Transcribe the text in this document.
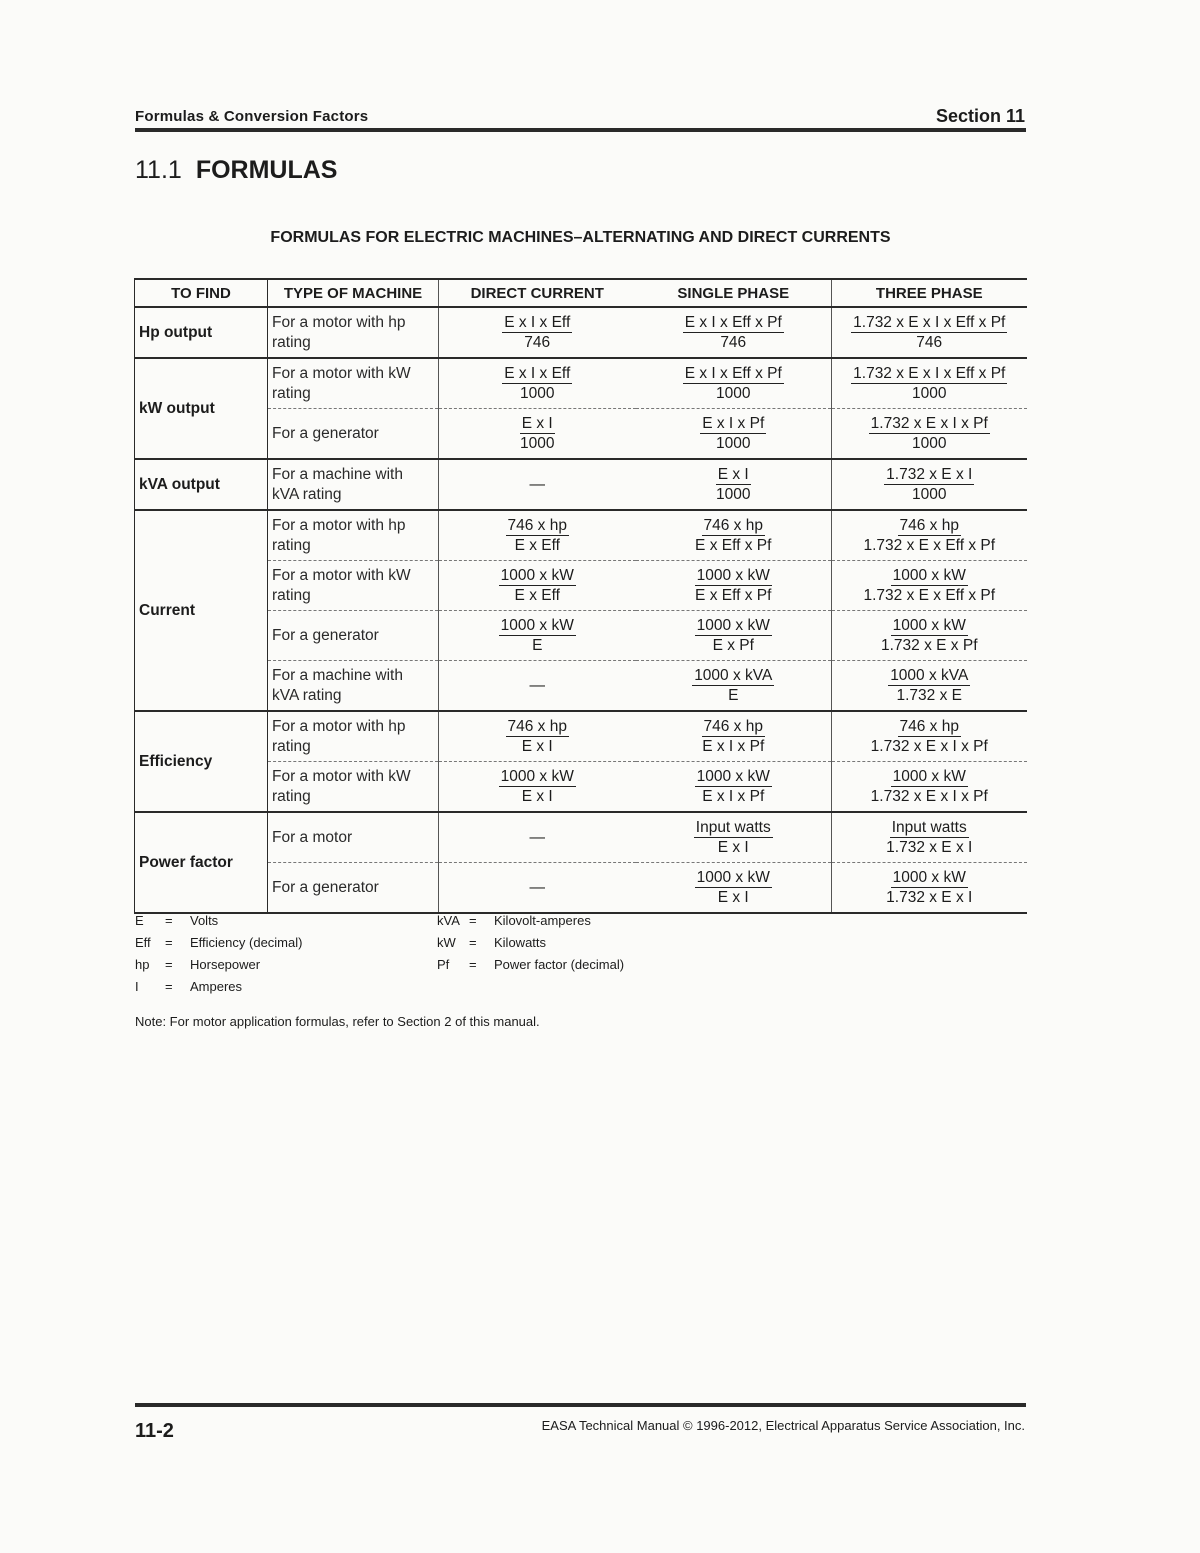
Formulas & Conversion Factors	Section 11
11.1 FORMULAS
FORMULAS FOR ELECTRIC MACHINES–ALTERNATING AND DIRECT CURRENTS
TO FIND	TYPE OF MACHINE	DIRECT CURRENT	SINGLE PHASE	THREE PHASE
Hp output	For a motor with hp rating	$\frac{\text{E x I x Eff}}{746}$	$\frac{\text{E x I x Eff x Pf}}{746}$	$\frac{\text{1.732 x E x I x Eff x Pf}}{746}$

kW output	For a motor with kW rating	$\frac{\text{E x I x Eff}}{1000}$	$\frac{\text{E x I x Eff x Pf}}{1000}$	$\frac{\text{1.732 x E x I x Eff x Pf}}{1000}$

	For a generator	$\frac{\text{E x I}}{1000}$	$\frac{\text{E x I x Pf}}{1000}$	$\frac{\text{1.732 x E x I x Pf}}{1000}$

kVA output	For a machine with kVA rating	—	$\frac{\text{E x I}}{1000}$	$\frac{\text{1.732 x E x I}}{1000}$

Current	For a motor with hp rating	$\frac{\text{746 x hp}}{\text{E x Eff}}$	$\frac{\text{746 x hp}}{\text{E x Eff x Pf}}$	$\frac{\text{746 x hp}}{\text{1.732 x E x Eff x Pf}}$

	For a motor with kW rating	$\frac{\text{1000 x kW}}{\text{E x Eff}}$	$\frac{\text{1000 x kW}}{\text{E x Eff x Pf}}$	$\frac{\text{1000 x kW}}{\text{1.732 x E x Eff x Pf}}$

	For a generator	$\frac{\text{1000 x kW}}{E}$	$\frac{\text{1000 x kW}}{\text{E x Pf}}$	$\frac{\text{1000 x kW}}{\text{1.732 x E x Pf}}$

	For a machine with kVA rating	—	$\frac{\text{1000 x kVA}}{E}$	$\frac{\text{1000 x kVA}}{\text{1.732 x E}}$

Efficiency	For a motor with hp rating	$\frac{\text{746 x hp}}{\text{E x I}}$	$\frac{\text{746 x hp}}{\text{E x I x Pf}}$	$\frac{\text{746 x hp}}{\text{1.732 x E x I x Pf}}$

	For a motor with kW rating	$\frac{\text{1000 x kW}}{\text{E x I}}$	$\frac{\text{1000 x kW}}{\text{E x I x Pf}}$	$\frac{\text{1000 x kW}}{\text{1.732 x E x I x Pf}}$

Power factor	For a motor	—	$\frac{\text{Input watts}}{\text{E x I}}$	$\frac{\text{Input watts}}{\text{1.732 x E x I}}$

	For a generator	—	$\frac{\text{1000 x kW}}{\text{E x I}}$	$\frac{\text{1000 x kW}}{\text{1.732 x E x I}}$
E	=	Volts
Eff	=	Efficiency (decimal)
hp	=	Horsepower
I	=	Amperes
kVA =	Kilovolt-amperes
kW	=	Kilowatts
Pf	=	Power factor (decimal)
Note: For motor application formulas, refer to Section 2 of this manual.
11-2	EASA Technical Manual © 1996-2012, Electrical Apparatus Service Association, Inc.
